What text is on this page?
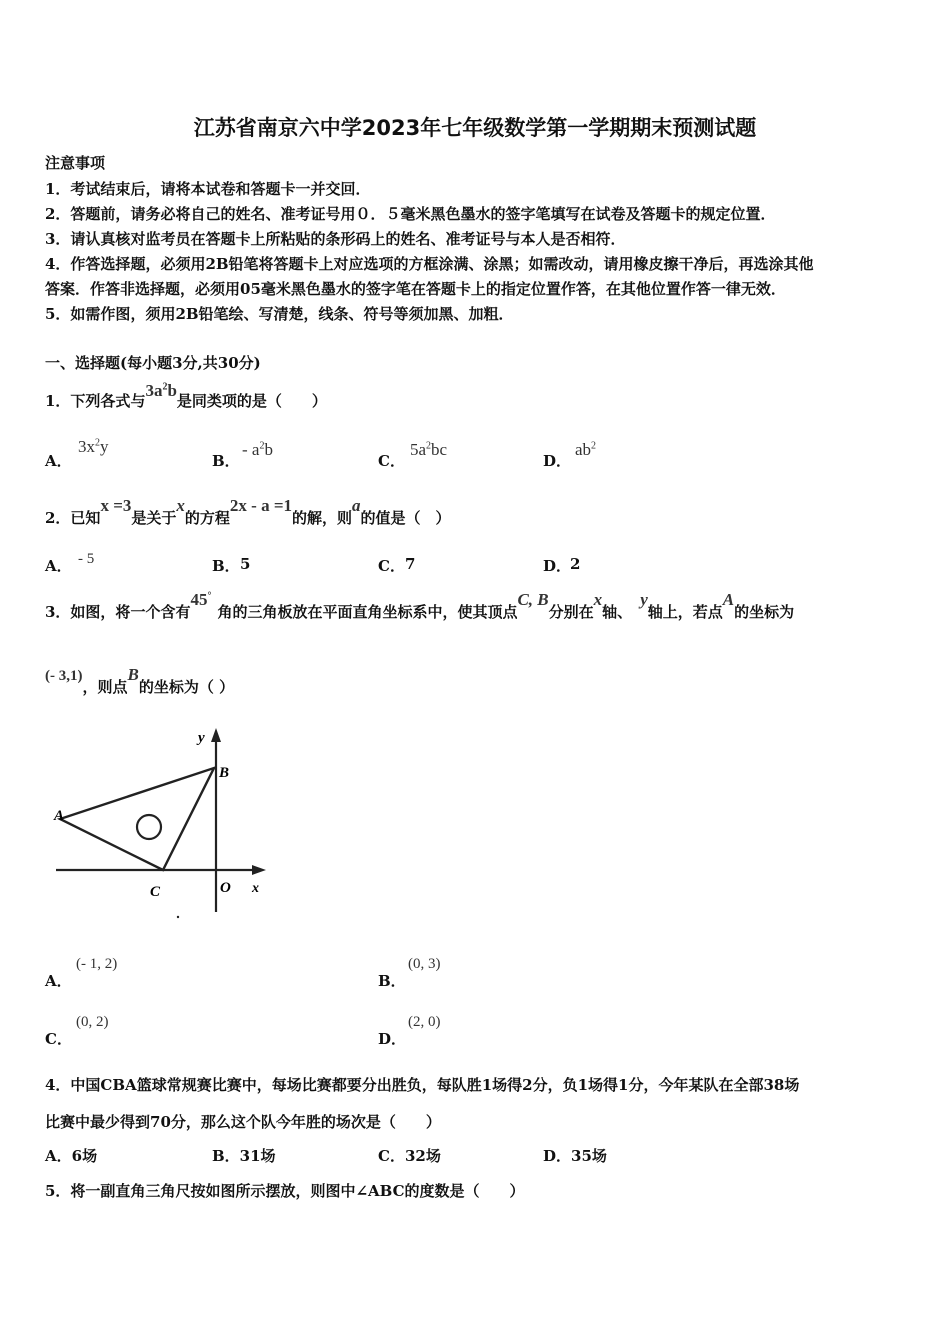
江苏省南京六中学2023年七年级数学第一学期期末预测试题
注意事项
1．考试结束后，请将本试卷和答题卡一并交回．
2．答题前，请务必将自己的姓名、准考证号用０．５毫米黑色墨水的签字笔填写在试卷及答题卡的规定位置．
3．请认真核对监考员在答题卡上所粘贴的条形码上的姓名、准考证号与本人是否相符．
4．作答选择题，必须用2B铅笔将答题卡上对应选项的方框涂满、涂黑；如需改动，请用橡皮擦干净后，再选涂其他
答案．作答非选择题，必须用05毫米黑色墨水的签字笔在答题卡上的指定位置作答，在其他位置作答一律无效．
5．如需作图，须用2B铅笔绘、写清楚，线条、符号等须加黑、加粗．
一、选择题(每小题3分,共30分)
1．下列各式与$3a^2b$是同类项的是（　　）
A．
$3x^2y$
B．
- $a^2b$
C．
$5a^2bc$
D．
$ab^2$
2．已知x =3是关于x的方程2x - a =1的解，则a的值是（　）
A． - 5	B． 5	C． 7	D．
2
3．如图，将一个含有45°角的三角板放在平面直角坐标系中，使其顶点C, B分别在x轴、y轴上，若点A的坐标为
(- 3,1)，则点B的坐标为（ ）
y
B
A
C	O x
A．
(- 1, 2)
B．
(0, 3)
C．
(0, 2)
D．
(2, 0)
4．中国CBA篮球常规赛比赛中，每场比赛都要分出胜负，每队胜1场得2分，负1场得1分，今年某队在全部38场
比赛中最少得到70分，那么这个队今年胜的场次是（　　）
A．6场	B．31场	C．32场	D．35场
5．将一副直角三角尺按如图所示摆放，则图中∠ABC的度数是（　　）
